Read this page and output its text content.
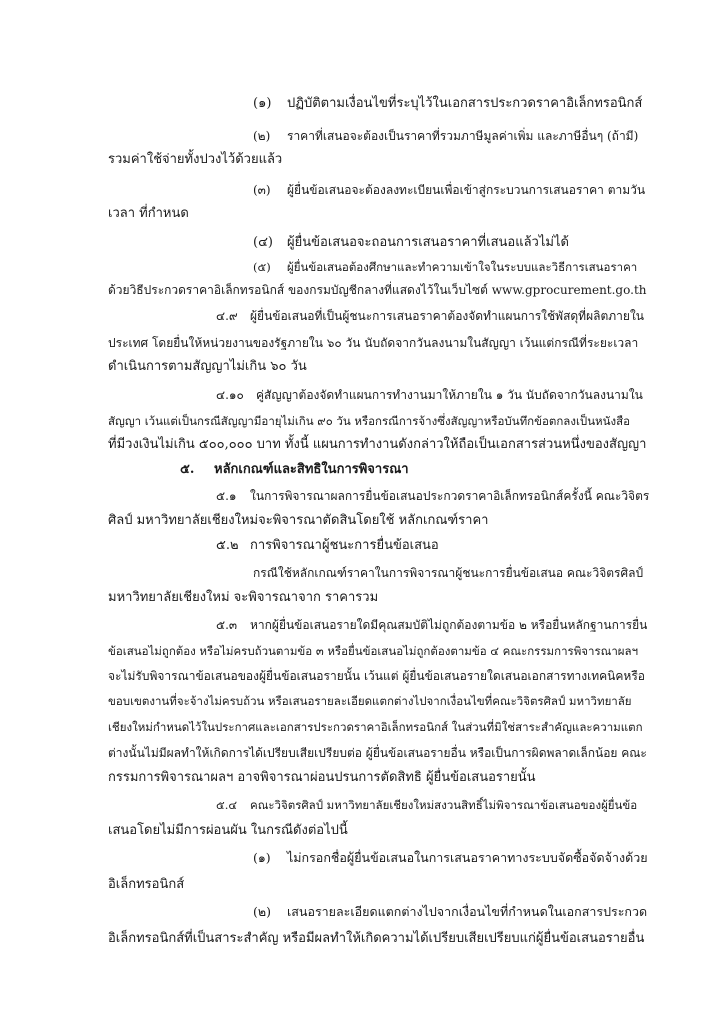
(๑) ปฏิบัติตามเงื่อนไขที่ระบุไว้ในเอกสารประกวดราคาอิเล็กทรอนิกส์
(๒) ราคาที่เสนอจะต้องเป็นราคาที่รวมภาษีมูลค่าเพิ่ม และภาษีอื่นๆ (ถ้ามี)
รวมค่าใช้จ่ายทั้งปวงไว้ด้วยแล้ว
(๓) ผู้ยื่นข้อเสนอจะต้องลงทะเบียนเพื่อเข้าสู่กระบวนการเสนอราคา ตามวัน
เวลา ที่กำหนด
(๔) ผู้ยื่นข้อเสนอจะถอนการเสนอราคาที่เสนอแล้วไม่ได้
(๕) ผู้ยื่นข้อเสนอต้องศึกษาและทำความเข้าใจในระบบและวิธีการเสนอราคา
ด้วยวิธีประกวดราคาอิเล็กทรอนิกส์ ของกรมบัญชีกลางที่แสดงไว้ในเว็บไซต์ www.gprocurement.go.th
๔.๙ ผู้ยื่นข้อเสนอที่เป็นผู้ชนะการเสนอราคาต้องจัดทำแผนการใช้พัสดุที่ผลิตภายใน
ประเทศ โดยยื่นให้หน่วยงานของรัฐภายใน ๖๐ วัน นับถัดจากวันลงนามในสัญญา เว้นแต่กรณีที่ระยะเวลา
ดำเนินการตามสัญญาไม่เกิน ๖๐ วัน
๔.๑๐ คู่สัญญาต้องจัดทำแผนการทำงานมาให้ภายใน ๑ วัน นับถัดจากวันลงนามใน
สัญญา เว้นแต่เป็นกรณีสัญญามีอายุไม่เกิน ๙๐ วัน หรือกรณีการจ้างซึ่งสัญญาหรือบันทึกข้อตกลงเป็นหนังสือ
ที่มีวงเงินไม่เกิน ๕๐๐,๐๐๐ บาท ทั้งนี้ แผนการทำงานดังกล่าวให้ถือเป็นเอกสารส่วนหนึ่งของสัญญา
๕. หลักเกณฑ์และสิทธิในการพิจารณา
๕.๑ ในการพิจารณาผลการยื่นข้อเสนอประกวดราคาอิเล็กทรอนิกส์ครั้งนี้ คณะวิจิตร
ศิลป์ มหาวิทยาลัยเชียงใหม่จะพิจารณาตัดสินโดยใช้ หลักเกณฑ์ราคา
๕.๒ การพิจารณาผู้ชนะการยื่นข้อเสนอ
กรณีใช้หลักเกณฑ์ราคาในการพิจารณาผู้ชนะการยื่นข้อเสนอ คณะวิจิตรศิลป์
มหาวิทยาลัยเชียงใหม่ จะพิจารณาจาก ราคารวม
๕.๓ หากผู้ยื่นข้อเสนอรายใดมีคุณสมบัติไม่ถูกต้องตามข้อ ๒ หรือยื่นหลักฐานการยื่น
ข้อเสนอไม่ถูกต้อง หรือไม่ครบถ้วนตามข้อ ๓ หรือยื่นข้อเสนอไม่ถูกต้องตามข้อ ๔ คณะกรรมการพิจารณาผลฯ
จะไม่รับพิจารณาข้อเสนอของผู้ยื่นข้อเสนอรายนั้น เว้นแต่ ผู้ยื่นข้อเสนอรายใดเสนอเอกสารทางเทคนิคหรือ
ขอบเขตงานที่จะจ้างไม่ครบถ้วน หรือเสนอรายละเอียดแตกต่างไปจากเงื่อนไขที่คณะวิจิตรศิลป์ มหาวิทยาลัย
เชียงใหม่กำหนดไว้ในประกาศและเอกสารประกวดราคาอิเล็กทรอนิกส์ ในส่วนที่มิใช่สาระสำคัญและความแตก
ต่างนั้นไม่มีผลทำให้เกิดการได้เปรียบเสียเปรียบต่อ ผู้ยื่นข้อเสนอรายอื่น หรือเป็นการผิดพลาดเล็กน้อย คณะ
กรรมการพิจารณาผลฯ อาจพิจารณาผ่อนปรนการตัดสิทธิ ผู้ยื่นข้อเสนอรายนั้น
๕.๔ คณะวิจิตรศิลป์ มหาวิทยาลัยเชียงใหม่สงวนสิทธิ์ไม่พิจารณาข้อเสนอของผู้ยื่นข้อ
เสนอโดยไม่มีการผ่อนผัน ในกรณีดังต่อไปนี้
(๑) ไม่กรอกชื่อผู้ยื่นข้อเสนอในการเสนอราคาทางระบบจัดซื้อจัดจ้างด้วย
อิเล็กทรอนิกส์
(๒) เสนอรายละเอียดแตกต่างไปจากเงื่อนไขที่กำหนดในเอกสารประกวด
อิเล็กทรอนิกส์ที่เป็นสาระสำคัญ หรือมีผลทำให้เกิดความได้เปรียบเสียเปรียบแก่ผู้ยื่นข้อเสนอรายอื่น
